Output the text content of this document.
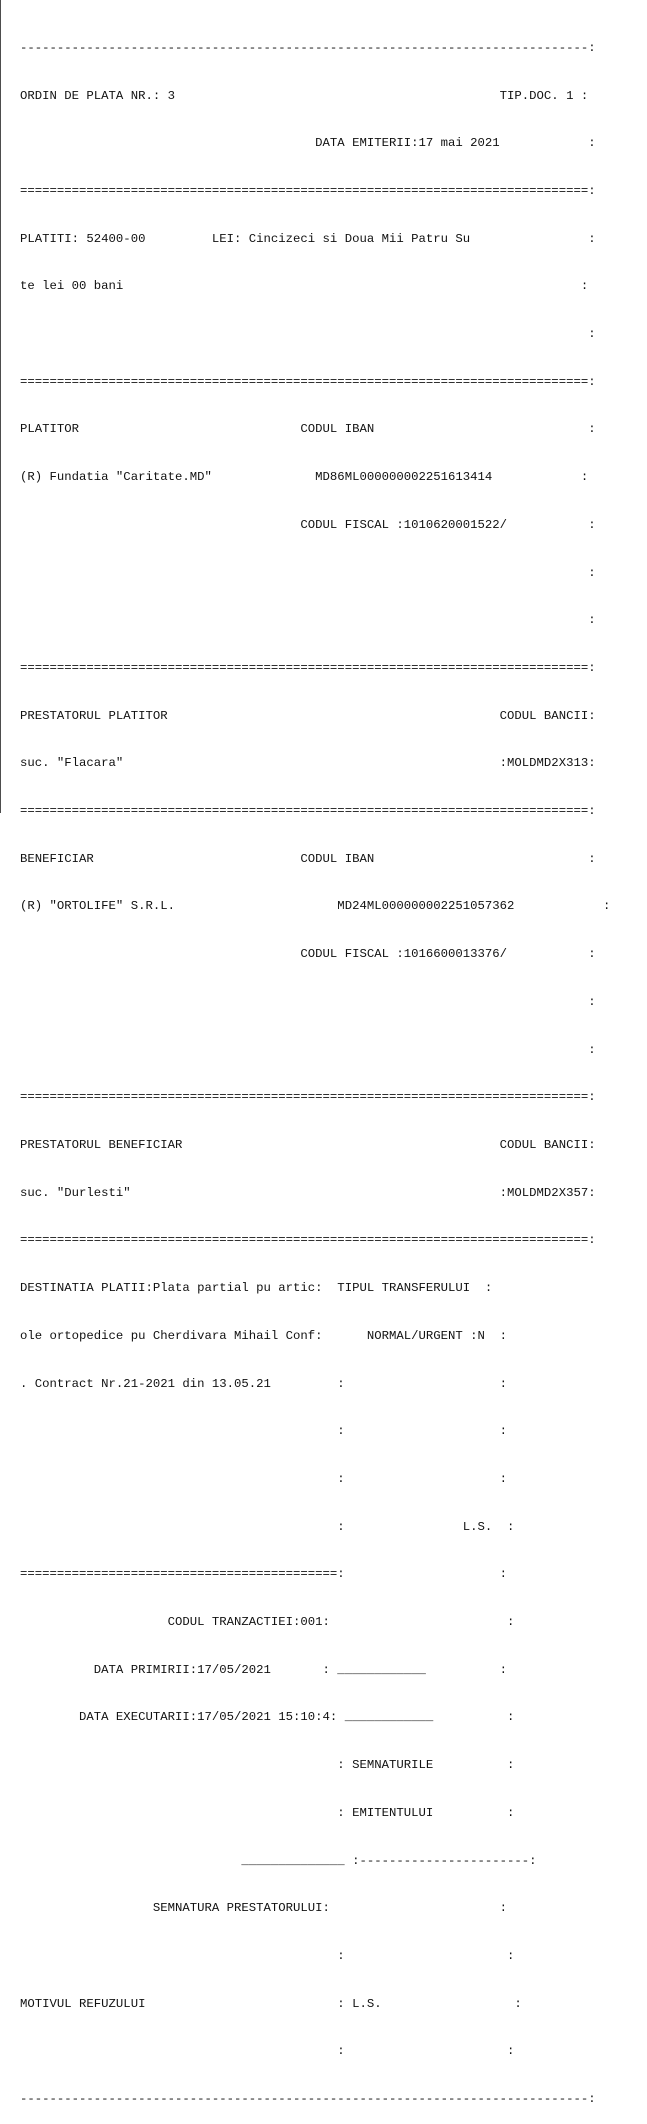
-----------------------------------------------------------------------------:

ORDIN DE PLATA NR.: 3                                            TIP.DOC. 1 :

DATA EMITERII:17 mai 2021            :

=============================================================================:

PLATITI: 52400-00         LEI: Cincizeci si Doua Mii Patru Su                :

te lei 00 bani                                                              :

:

=============================================================================:

PLATITOR                              CODUL IBAN                             :

(R) Fundatia "Caritate.MD"              MD86ML000000002251613414            :

CODUL FISCAL :1010620001522/           :

:

:

=============================================================================:

PRESTATORUL PLATITOR                                             CODUL BANCII:

suc. "Flacara"                                                   :MOLDMD2X313:

=============================================================================:

BENEFICIAR                            CODUL IBAN                             :

(R) "ORTOLIFE" S.R.L.                      MD24ML000000002251057362            :

CODUL FISCAL :1016600013376/           :

:

:

=============================================================================:

PRESTATORUL BENEFICIAR                                           CODUL BANCII:

suc. "Durlesti"                                                  :MOLDMD2X357:

=============================================================================:

DESTINATIA PLATII:Plata partial pu artic:  TIPUL TRANSFERULUI  :

ole ortopedice pu Cherdivara Mihail Conf:      NORMAL/URGENT :N  :

. Contract Nr.21-2021 din 13.05.21         :                     :

:                     :

:                     :

:                L.S.  :

===========================================:                     :

CODUL TRANZACTIEI:001:                        :

DATA PRIMIRII:17/05/2021       : ____________          :

DATA EXECUTARII:17/05/2021 15:10:4: ____________          :

: SEMNATURILE          :

: EMITENTULUI          :

______________ :-----------------------:

SEMNATURA PRESTATORULUI:                       :

:                      :

MOTIVUL REFUZULUI                          : L.S.                  :

:                      :

-----------------------------------------------------------------------------:
